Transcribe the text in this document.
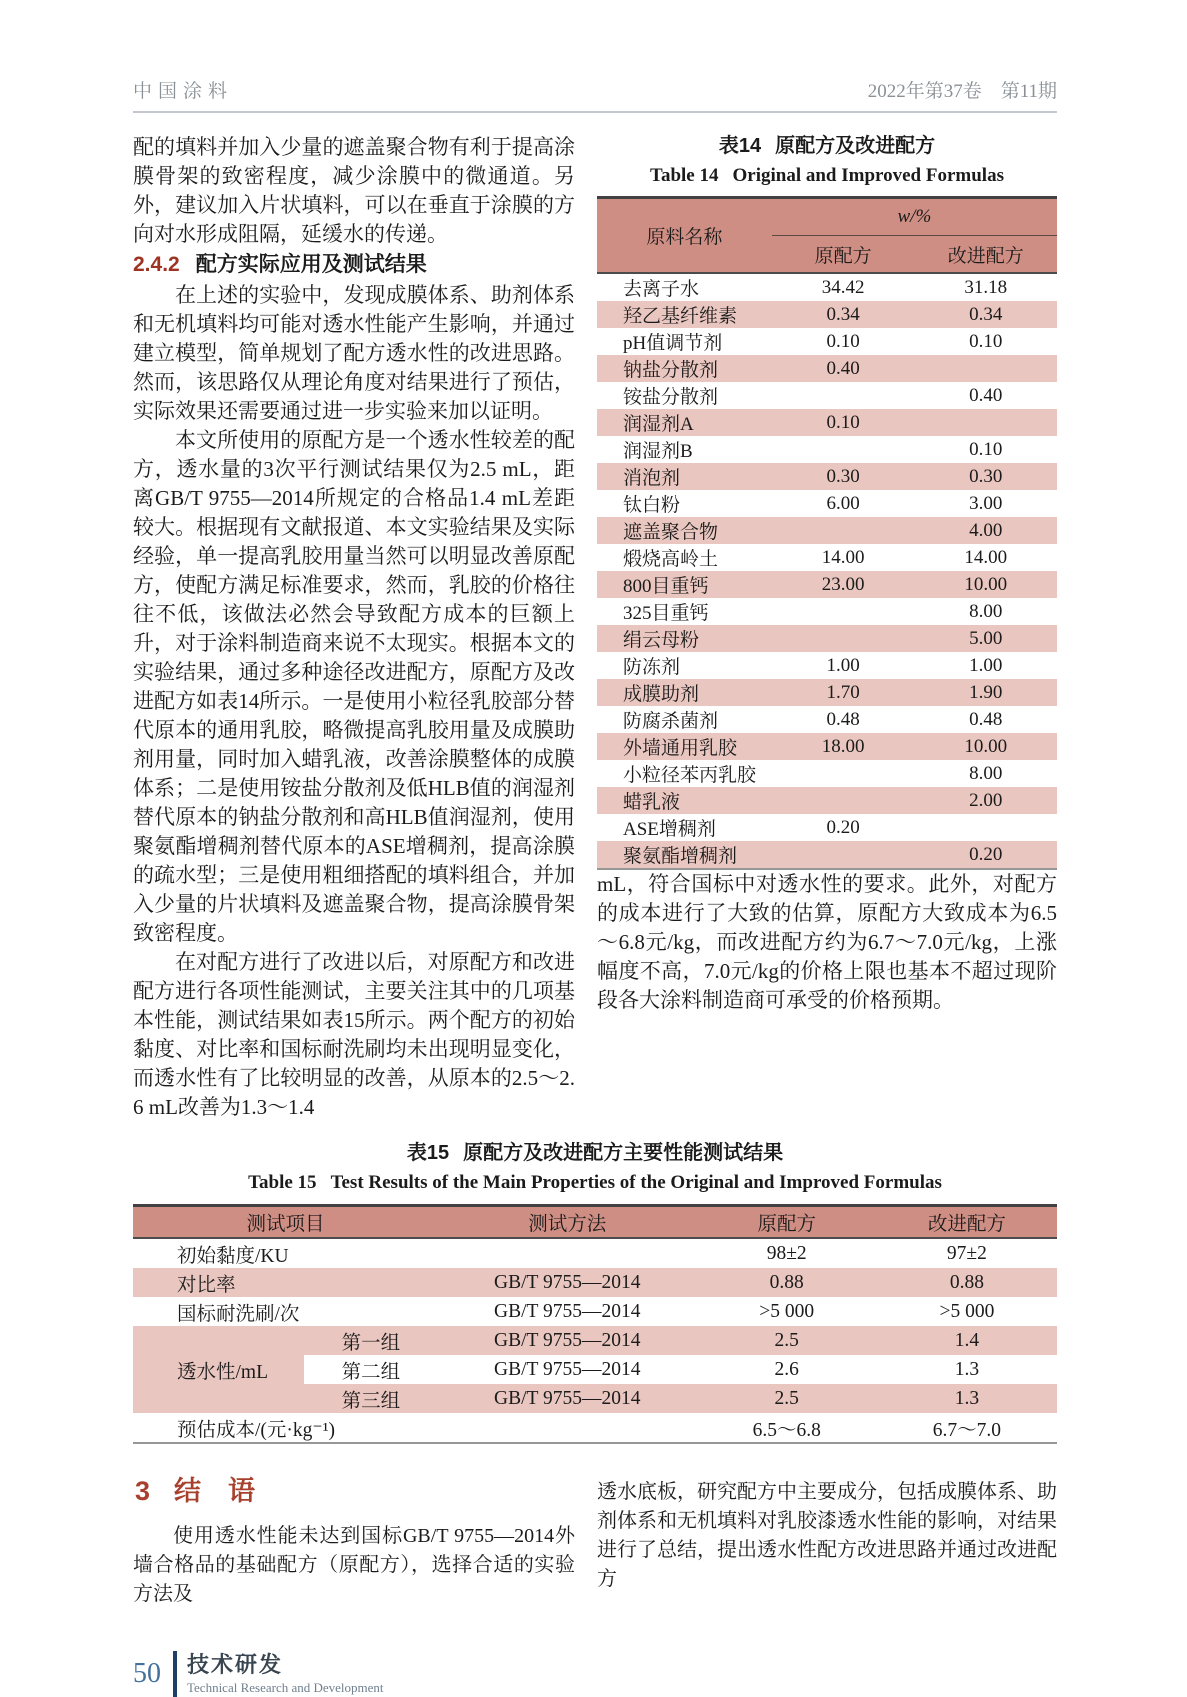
中国涂料	2022年第37卷　第11期

配的填料并加入少量的遮盖聚合物有利于提高涂膜骨架的致密程度，减少涂膜中的微通道。另外，建议加入片状填料，可以在垂直于涂膜的方向对水形成阻隔，延缓水的传递。

2.4.2 配方实际应用及测试结果

在上述的实验中，发现成膜体系、助剂体系和无机填料均可能对透水性能产生影响，并通过建立模型，简单规划了配方透水性的改进思路。然而，该思路仅从理论角度对结果进行了预估，实际效果还需要通过进一步实验来加以证明。

本文所使用的原配方是一个透水性较差的配方，透水量的3次平行测试结果仅为2.5 mL，距离GB/T 9755—2014所规定的合格品1.4 mL差距较大。根据现有文献报道、本文实验结果及实际经验，单一提高乳胶用量当然可以明显改善原配方，使配方满足标准要求，然而，乳胶的价格往往不低，该做法必然会导致配方成本的巨额上升，对于涂料制造商来说不太现实。根据本文的实验结果，通过多种途径改进配方，原配方及改进配方如表14所示。一是使用小粒径乳胶部分替代原本的通用乳胶，略微提高乳胶用量及成膜助剂用量，同时加入蜡乳液，改善涂膜整体的成膜体系；二是使用铵盐分散剂及低HLB值的润湿剂替代原本的钠盐分散剂和高HLB值润湿剂，使用聚氨酯增稠剂替代原本的ASE增稠剂，提高涂膜的疏水型；三是使用粗细搭配的填料组合，并加入少量的片状填料及遮盖聚合物，提高涂膜骨架致密程度。

在对配方进行了改进以后，对原配方和改进配方进行各项性能测试，主要关注其中的几项基本性能，测试结果如表15所示。两个配方的初始黏度、对比率和国标耐洗刷均未出现明显变化，而透水性有了比较明显的改善，从原本的2.5～2.6 mL改善为1.3～1.4

表14 原配方及改进配方
Table 14 Original and Improved Formulas
原料名称	w/%	
	原配方	改进配方
去离子水	34.42	31.18
羟乙基纤维素	0.34	0.34
pH值调节剂	0.10	0.10
钠盐分散剂	0.40	
铵盐分散剂		0.40
润湿剂A	0.10	
润湿剂B		0.10
消泡剂	0.30	0.30
钛白粉	6.00	3.00
遮盖聚合物		4.00
煅烧高岭土	14.00	14.00
800目重钙	23.00	10.00
325目重钙		8.00
绢云母粉		5.00
防冻剂	1.00	1.00
成膜助剂	1.70	1.90
防腐杀菌剂	0.48	0.48
外墙通用乳胶	18.00	10.00
小粒径苯丙乳胶		8.00
蜡乳液		2.00
ASE增稠剂	0.20	
聚氨酯增稠剂		0.20

mL，符合国标中对透水性的要求。此外，对配方的成本进行了大致的估算，原配方大致成本为6.5～6.8元/kg，而改进配方约为6.7～7.0元/kg，上涨幅度不高，7.0元/kg的价格上限也基本不超过现阶段各大涂料制造商可承受的价格预期。

表15 原配方及改进配方主要性能测试结果
Table 15 Test Results of the Main Properties of the Original and Improved Formulas
测试项目		测试方法	原配方	改进配方
初始黏度/KU			98±2	97±2
对比率		GB/T 9755—2014	0.88	0.88
国标耐洗刷/次		GB/T 9755—2014	>5 000	>5 000
透水性/mL	第一组	GB/T 9755—2014	2.5	1.4
	第二组	GB/T 9755—2014	2.6	1.3
	第三组	GB/T 9755—2014	2.5	1.3
预估成本/(元·kg⁻¹)			6.5～6.8	6.7～7.0
3 结　语

使用透水性能未达到国标GB/T 9755—2014外墙合格品的基础配方（原配方），选择合适的实验方法及

透水底板，研究配方中主要成分，包括成膜体系、助剂体系和无机填料对乳胶漆透水性能的影响，对结果进行了总结，提出透水性配方改进思路并通过改进配方

50 技术研发
Technical Research and Development
